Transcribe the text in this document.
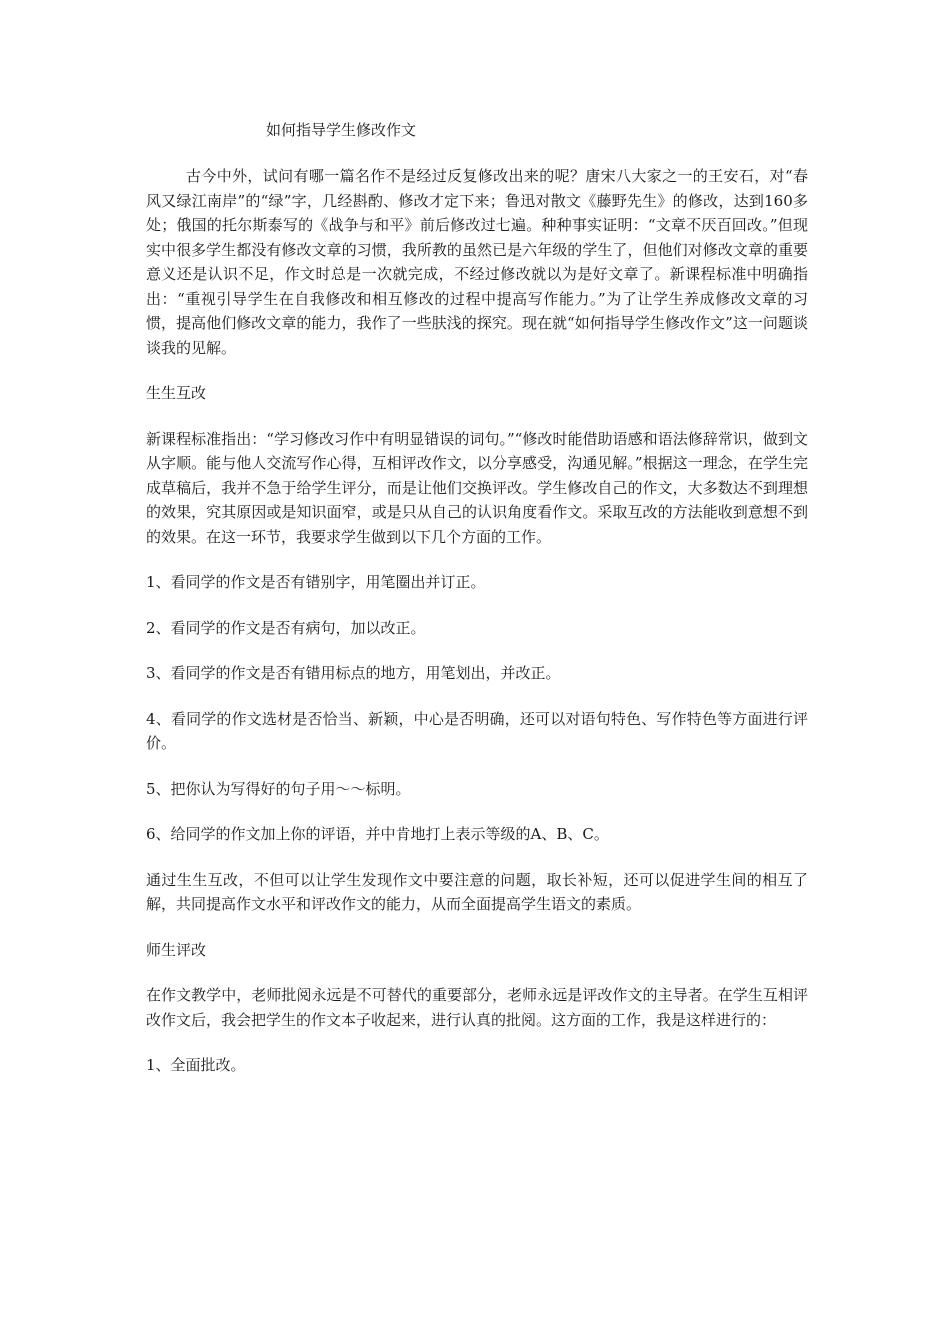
如何指导学生修改作文

古今中外，试问有哪一篇名作不是经过反复修改出来的呢？唐宋八大家之一的王安石，对“春风又绿江南岸”的“绿”字，几经斟酌、修改才定下来；鲁迅对散文《藤野先生》的修改，达到160多处；俄国的托尔斯泰写的《战争与和平》前后修改过七遍。种种事实证明：“文章不厌百回改。”但现实中很多学生都没有修改文章的习惯，我所教的虽然已是六年级的学生了，但他们对修改文章的重要意义还是认识不足，作文时总是一次就完成，不经过修改就以为是好文章了。新课程标准中明确指出：“重视引导学生在自我修改和相互修改的过程中提高写作能力。”为了让学生养成修改文章的习惯，提高他们修改文章的能力，我作了一些肤浅的探究。现在就“如何指导学生修改作文”这一问题谈谈我的见解。

生生互改

新课程标准指出：“学习修改习作中有明显错误的词句。”“修改时能借助语感和语法修辞常识，做到文从字顺。能与他人交流写作心得，互相评改作文，以分享感受，沟通见解。”根据这一理念，在学生完成草稿后，我并不急于给学生评分，而是让他们交换评改。学生修改自己的作文，大多数达不到理想的效果，究其原因或是知识面窄，或是只从自己的认识角度看作文。采取互改的方法能收到意想不到的效果。在这一环节，我要求学生做到以下几个方面的工作。

1、看同学的作文是否有错别字，用笔圈出并订正。

2、看同学的作文是否有病句，加以改正。

3、看同学的作文是否有错用标点的地方，用笔划出，并改正。

4、看同学的作文选材是否恰当、新颖，中心是否明确，还可以对语句特色、写作特色等方面进行评价。

5、把你认为写得好的句子用～～标明。

6、给同学的作文加上你的评语，并中肯地打上表示等级的A、B、C。

通过生生互改，不但可以让学生发现作文中要注意的问题，取长补短，还可以促进学生间的相互了解，共同提高作文水平和评改作文的能力，从而全面提高学生语文的素质。

师生评改

在作文教学中，老师批阅永远是不可替代的重要部分，老师永远是评改作文的主导者。在学生互相评改作文后，我会把学生的作文本子收起来，进行认真的批阅。这方面的工作，我是这样进行的：

1、全面批改。
